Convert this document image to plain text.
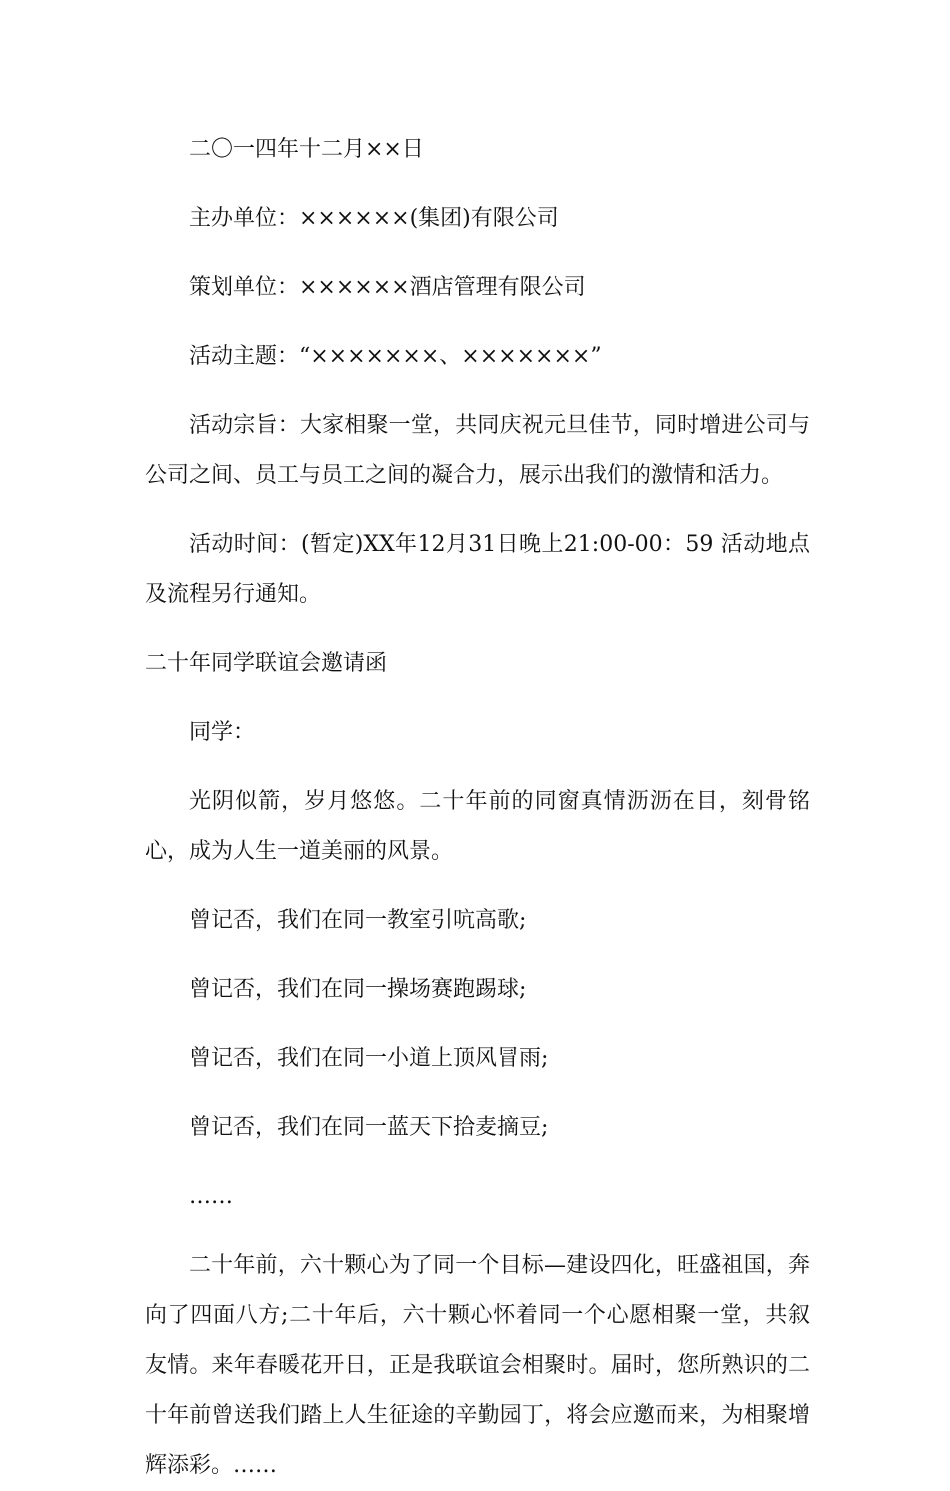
二〇一四年十二月××日

主办单位：××××××(集团)有限公司

策划单位：××××××酒店管理有限公司

活动主题：“×××××××、×××××××”

活动宗旨：大家相聚一堂，共同庆祝元旦佳节，同时增进公司与公司之间、员工与员工之间的凝合力，展示出我们的激情和活力。

活动时间：(暂定)XX年12月31日晚上21:00-00：59 活动地点及流程另行通知。

二十年同学联谊会邀请函

同学：

光阴似箭，岁月悠悠。二十年前的同窗真情沥沥在目，刻骨铭心，成为人生一道美丽的风景。

曾记否，我们在同一教室引吭高歌;

曾记否，我们在同一操场赛跑踢球;

曾记否，我们在同一小道上顶风冒雨;

曾记否，我们在同一蓝天下拾麦摘豆;

……

二十年前，六十颗心为了同一个目标—建设四化，旺盛祖国，奔向了四面八方;二十年后，六十颗心怀着同一个心愿相聚一堂，共叙友情。来年春暖花开日，正是我联谊会相聚时。届时，您所熟识的二十年前曾送我们踏上人生征途的辛勤园丁，将会应邀而来，为相聚增辉添彩。……
